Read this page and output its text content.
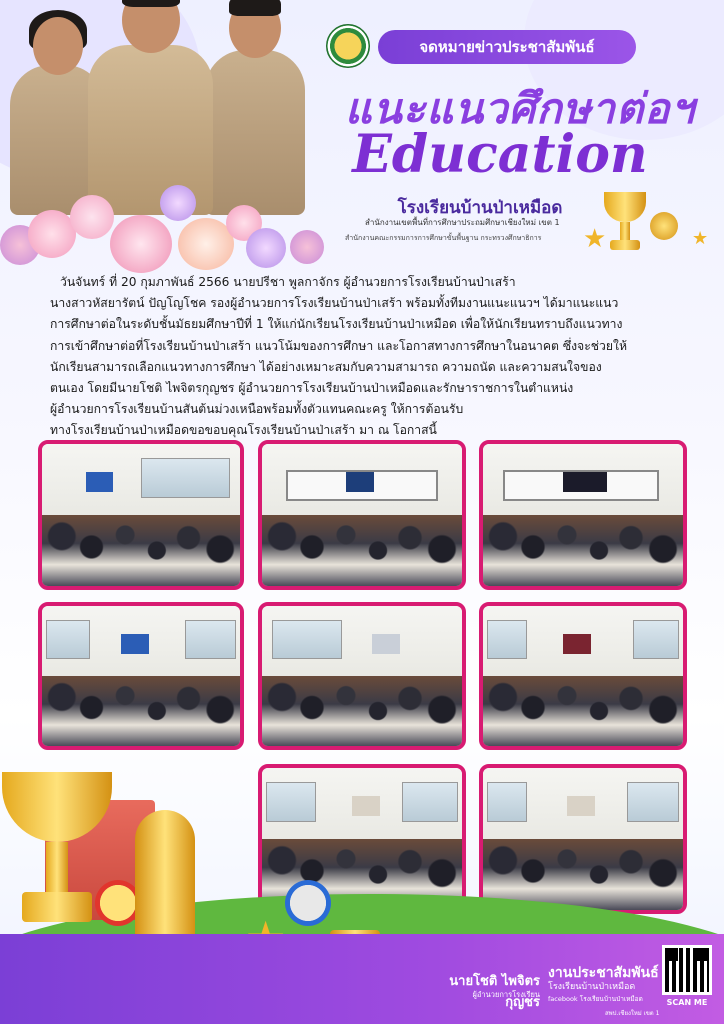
จดหมายข่าวประชาสัมพันธ์
แนะแนวศึกษาต่อฯ
Education
โรงเรียนบ้านป่าเหมือด
สำนักงานเขตพื้นที่การศึกษาประถมศึกษาเชียงใหม่ เขต 1
สำนักงานคณะกรรมการการศึกษาขั้นพื้นฐาน กระทรวงศึกษาธิการ	★	★

วันจันทร์ ที่ 20 กุมภาพันธ์ 2566 นายปรีชา พูลกาจักร ผู้อำนวยการโรงเรียนบ้านป่าเสร้า

นางสาวหัสยารัตน์ ปัญโญโชค รองผู้อำนวยการโรงเรียนบ้านป่าเสร้า พร้อมทั้งทีมงานแนะแนวฯ ได้มาแนะแนว

การศึกษาต่อในระดับชั้นมัธยมศึกษาปีที่ 1 ให้แก่นักเรียนโรงเรียนบ้านป่าเหมือด เพื่อให้นักเรียนทราบถึงแนวทาง

การเข้าศึกษาต่อที่โรงเรียนบ้านป่าเสร้า แนวโน้มของการศึกษา และโอกาสทางการศึกษาในอนาคต ซึ่งจะช่วยให้

นักเรียนสามารถเลือกแนวทางการศึกษา ได้อย่างเหมาะสมกับความสามารถ ความถนัด และความสนใจของ

ตนเอง โดยมีนายโชติ ไพจิตรกุญชร ผู้อำนวยการโรงเรียนบ้านป่าเหมือดและรักษาราชการในตำแหน่ง

ผู้อำนวยการโรงเรียนบ้านสันต้นม่วงเหนือพร้อมทั้งตัวแทนคณะครู ให้การต้อนรับ

ทางโรงเรียนบ้านป่าเหมือดขอขอบคุณโรงเรียนบ้านป่าเสร้า มา ณ โอกาสนี้

นายโชติ ไพจิตรกุญชร
ผู้อำนวยการโรงเรียน
งานประชาสัมพันธ์
โรงเรียนบ้านป่าเหมือด
facebook โรงเรียนบ้านป่าเหมือด
สพป.เชียงใหม่ เขต 1
SCAN ME
